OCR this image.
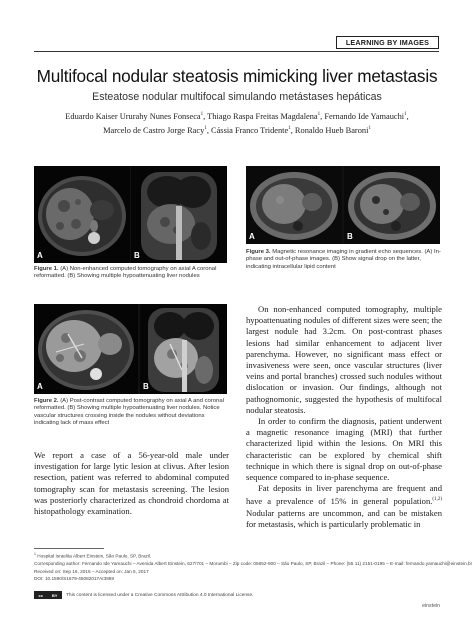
LEARNING BY IMAGES
Multifocal nodular steatosis mimicking liver metastasis
Esteatose nodular multifocal simulando metástases hepáticas
Eduardo Kaiser Ururahy Nunes Fonseca$^1$, Thiago Raspa Freitas Magdalena$^1$, Fernando Ide Yamauchi$^1$,
Marcelo de Castro Jorge Racy$^1$, Cássia Franco Tridente$^1$, Ronaldo Hueb Baroni$^1$
A	B
Figure 1. (A) Non-enhanced computed tomography on axial A coronal reformatted. (B) Showing multiple hypoattenuating liver nodules
A	B
Figure 3. Magnetic resonance imaging in gradient echo sequences. (A) In-phase and out-of-phase images. (B) Show signal drop on the latter, indicating intracellular lipid content
A	B
Figure 2. (A) Post-contrast computed tomography on axial A and coronal reformatted. (B) Showing multiple hypoattenuating liver nodules. Notice vascular structures crossing inside the nodules without deviations indicating lack of mass effect

We report a case of a 56-year-old male under investigation for large lytic lesion at clivus. After lesion resection, patient was referred to abdominal computed tomography scan for metastasis screening. The lesion was posteriorly characterized as chondroid chordoma at histopathology examination.

On non-enhanced computed tomography, multiple hypoattenuating nodules of different sizes were seen; the largest nodule had 3.2cm. On post-contrast phases lesions had similar enhancement to adjacent liver parenchyma. However, no significant mass effect or invasiveness were seen, once vascular structures (liver veins and portal branches) crossed such nodules without dislocation or invasion. Our findings, although not pathognomonic, suggested the hypothesis of multifocal nodular steatosis.

In order to confirm the diagnosis, patient underwent a magnetic resonance imaging (MRI) that further characterized lipid within the lesions. On MRI this characteristic can be explored by chemical shift technique in which there is signal drop on out-of-phase sequence compared to in-phase sequence.

Fat deposits in liver parenchyma are frequent and have a prevalence of 15% in general population.$^{(1,2)}$ Nodular patterns are uncommon, and can be mistaken for metastasis, which is particularly problematic in

$^1$ Hospital Israelita Albert Einstein, São Paulo, SP, Brazil.

Corresponding author: Fernando Ide Yamauchi – Avenida Albert Einstein, 627/701 – Morumbi – Zip code: 05652-900 – São Paulo, SP, Brazil – Phone: (55 11) 2151-0195 – E-mail: fernando.yamauchi@einstein.br

Received on: Sep 16, 2016 – Accepted on: Jan 5, 2017

DOI: 10.1590/S1679-45082017AI3869

cc BY This content is licensed under a Creative Commons Attribution 4.0 International License.
einstein
